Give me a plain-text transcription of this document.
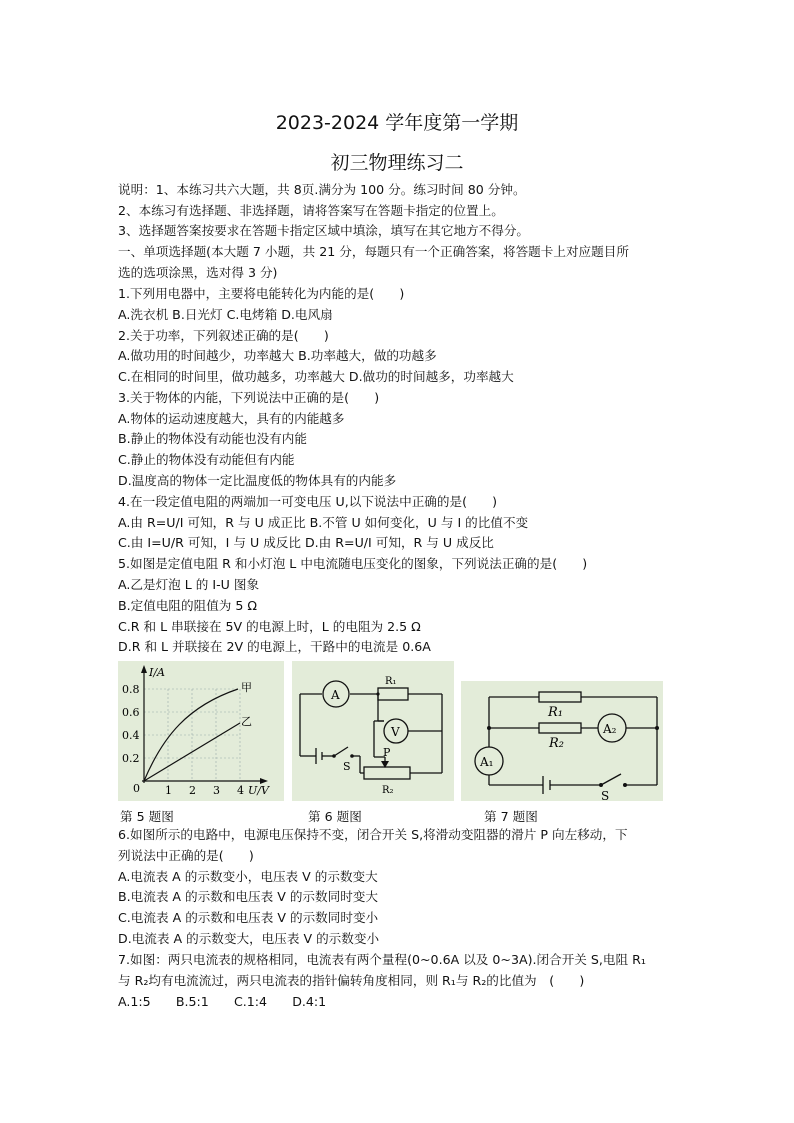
2023-2024 学年度第一学期
初三物理练习二
说明：1、本练习共六大题，共 8页.满分为 100 分。练习时间 80 分钟。
2、本练习有选择题、非选择题，请将答案写在答题卡指定的位置上。
3、选择题答案按要求在答题卡指定区域中填涂，填写在其它地方不得分。
一、单项选择题(本大题 7 小题，共 21 分，每题只有一个正确答案，将答题卡上对应题目所
选的选项涂黑，选对得 3 分)
1.下列用电器中，主要将电能转化为内能的是(　　)
A.洗衣机 B.日光灯 C.电烤箱 D.电风扇
2.关于功率，下列叙述正确的是(　　)
A.做功用的时间越少，功率越大 B.功率越大，做的功越多
C.在相同的时间里，做功越多，功率越大 D.做功的时间越多，功率越大
3.关于物体的内能，下列说法中正确的是(　　)
A.物体的运动速度越大，具有的内能越多
B.静止的物体没有动能也没有内能
C.静止的物体没有动能但有内能
D.温度高的物体一定比温度低的物体具有的内能多
4.在一段定值电阻的两端加一可变电压 U,以下说法中正确的是(　　)
A.由 R=U/I 可知，R 与 U 成正比 B.不管 U 如何变化，U 与 I 的比值不变
C.由 I=U/R 可知，I 与 U 成反比 D.由 R=U/I 可知，R 与 U 成反比
5.如图是定值电阻 R 和小灯泡 L 中电流随电压变化的图象，下列说法正确的是(　　)
A.乙是灯泡 L 的 I-U 图象
B.定值电阻的阻值为 5 Ω
C.R 和 L 串联接在 5V 的电源上时，L 的电阻为 2.5 Ω
D.R 和 L 并联接在 2V 的电源上，干路中的电流是 0.6A
0.8
0.6
0.4
0.2
0 1 2 3 4
I/A
U/V
甲
乙
A
V
R₁
R₂
S
P
R₁
R₂
A₁
A₂
S
第 5 题图	第 6 题图	第 7 题图
6.如图所示的电路中，电源电压保持不变，闭合开关 S,将滑动变阻器的滑片 P 向左移动，下
列说法中正确的是(　　)
A.电流表 A 的示数变小，电压表 V 的示数变大
B.电流表 A 的示数和电压表 V 的示数同时变大
C.电流表 A 的示数和电压表 V 的示数同时变小
D.电流表 A 的示数变大，电压表 V 的示数变小
7.如图：两只电流表的规格相同，电流表有两个量程(0~0.6A 以及 0~3A).闭合开关 S,电阻 R₁
与 R₂均有电流流过，两只电流表的指针偏转角度相同，则 R₁与 R₂的比值为　(　　)
A.1:5　　B.5:1　　C.1:4　　D.4:1
